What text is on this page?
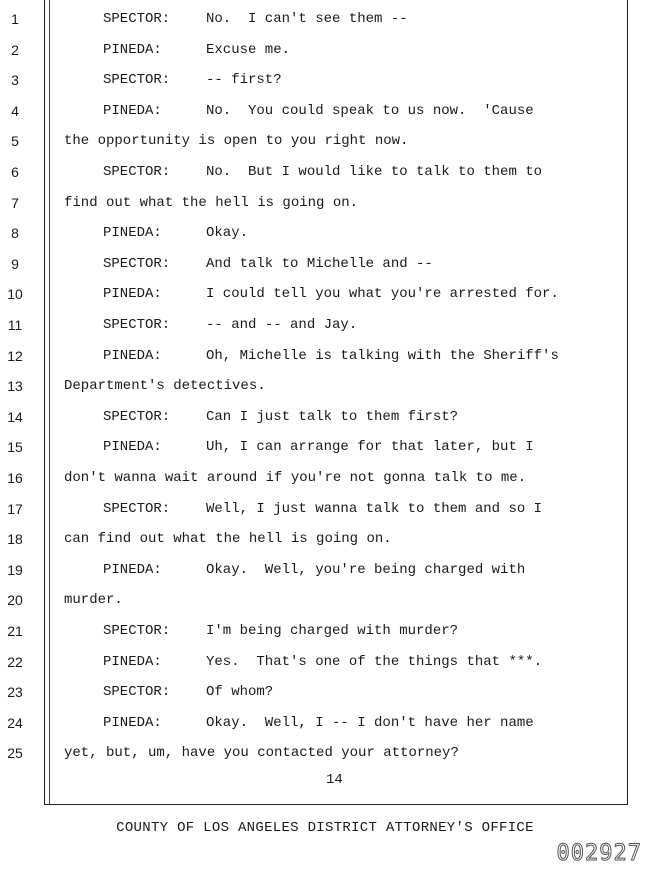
1	SPECTOR:	No.  I can't see them --
2	PINEDA:	Excuse me.
3	SPECTOR:	-- first?
4	PINEDA:	No.  You could speak to us now.  'Cause
5	the opportunity is open to you right now.
6	SPECTOR:	No.  But I would like to talk to them to
7	find out what the hell is going on.
8	PINEDA:	Okay.
9	SPECTOR:	And talk to Michelle and --
10	PINEDA:	I could tell you what you're arrested for.
11	SPECTOR:	-- and -- and Jay.
12	PINEDA:	Oh, Michelle is talking with the Sheriff's
13	Department's detectives.
14	SPECTOR:	Can I just talk to them first?
15	PINEDA:	Uh, I can arrange for that later, but I
16	don't wanna wait around if you're not gonna talk to me.
17	SPECTOR:	Well, I just wanna talk to them and so I
18	can find out what the hell is going on.
19	PINEDA:	Okay.  Well, you're being charged with
20	murder.
21	SPECTOR:	I'm being charged with murder?
22	PINEDA:	Yes.  That's one of the things that ***.
23	SPECTOR:	Of whom?
24	PINEDA:	Okay.  Well, I -- I don't have her name
25	yet, but, um, have you contacted your attorney?
14
COUNTY OF LOS ANGELES DISTRICT ATTORNEY'S OFFICE
002927
